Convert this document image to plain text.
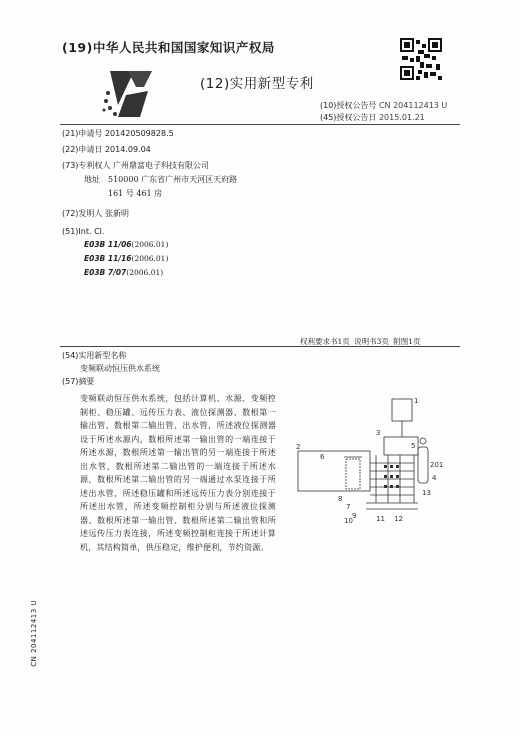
(19)中华人民共和国国家知识产权局
(12)实用新型专利
(10)授权公告号 CN 204112413 U
(45)授权公告日 2015.01.21
(21)申请号 201420509828.5
(22)申请日 2014.09.04
(73)专利权人 广州鼎富电子科技有限公司
地址 510000 广东省广州市天河区天府路
161 号 461 房
(72)发明人 张新明
(51)Int. Cl.
E03B 11/06(2006.01)
E03B 11/16(2006.01)
E03B 7/07(2006.01)
权利要求书1页 说明书3页 附图1页
(54)实用新型名称
变频联动恒压供水系统
(57)摘要
变频联动恒压供水系统，包括计算机、水源、变频控制柜、稳压罐、远传压力表、液位探测器、数根第一输出管、数根第二输出管、出水管，所述液位探测器设于所述水源内，数根所述第一输出管的一端连接于所述水源，数根所述第一输出管的另一端连接于所述出水管，数根所述第二输出管的一端连接于所述水源，数根所述第二输出管的另一端通过水泵连接于所述出水管，所述稳压罐和所述远传压力表分别连接于所述出水管，所述变频控制柜分别与所述液位探测器、数根所述第一输出管、数根所述第二输出管和所述远传压力表连接，所述变频控制柜连接于所述计算机，其结构简单，供压稳定，维护便利，节约资源。
1
2
3
4
5
6
7
8
9
10	11 12
13
201
CN 204112413 U
